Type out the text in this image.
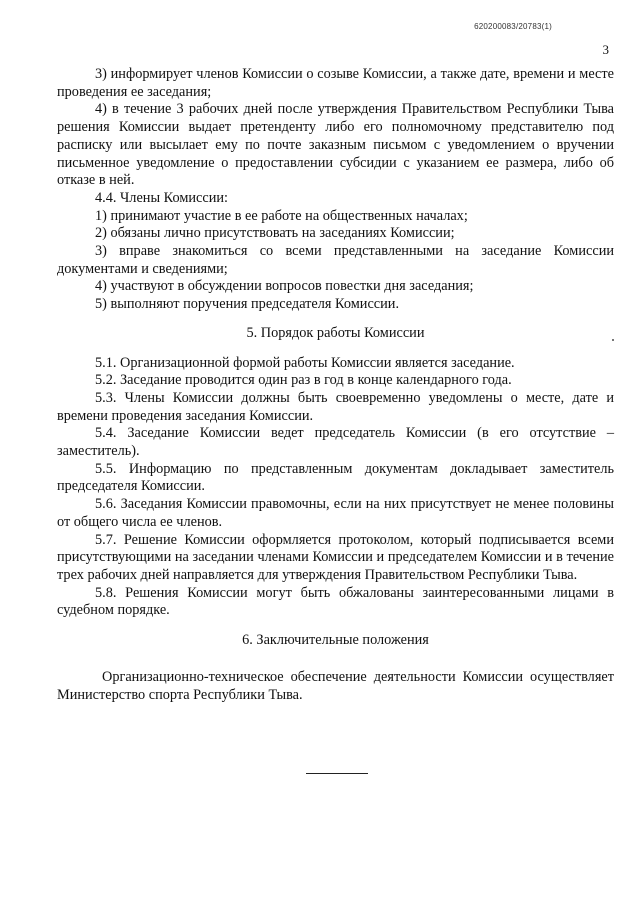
620200083/20783(1)
3

3) информирует членов Комиссии о созыве Комиссии, а также дате, времени и месте проведения ее заседания;

4) в течение 3 рабочих дней после утверждения Правительством Республики Тыва решения Комиссии выдает претенденту либо его полномочному представителю под расписку или высылает ему по почте заказным письмом с уведомлением о вручении письменное уведомление о предоставлении субсидии с указанием ее размера, либо об отказе в ней.

4.4. Члены Комиссии:

1) принимают участие в ее работе на общественных началах;

2) обязаны лично присутствовать на заседаниях Комиссии;

3) вправе знакомиться со всеми представленными на заседание Комиссии документами и сведениями;

4) участвуют в обсуждении вопросов повестки дня заседания;

5) выполняют поручения председателя Комиссии.

5. Порядок работы Комиссии

5.1. Организационной формой работы Комиссии является заседание.

5.2. Заседание проводится один раз в год в конце календарного года.

5.3. Члены Комиссии должны быть своевременно уведомлены о месте, дате и времени проведения заседания Комиссии.

5.4. Заседание Комиссии ведет председатель Комиссии (в его отсутствие – заместитель).

5.5. Информацию по представленным документам докладывает заместитель председателя Комиссии.

5.6. Заседания Комиссии правомочны, если на них присутствует не менее половины от общего числа ее членов.

5.7. Решение Комиссии оформляется протоколом, который подписывается всеми присутствующими на заседании членами Комиссии и председателем Комиссии и в течение трех рабочих дней направляется для утверждения Правительством Республики Тыва.

5.8. Решения Комиссии могут быть обжалованы заинтересованными лицами в судебном порядке.

6. Заключительные положения

Организационно-техническое обеспечение деятельности Комиссии осуществляет Министерство спорта Республики Тыва.
